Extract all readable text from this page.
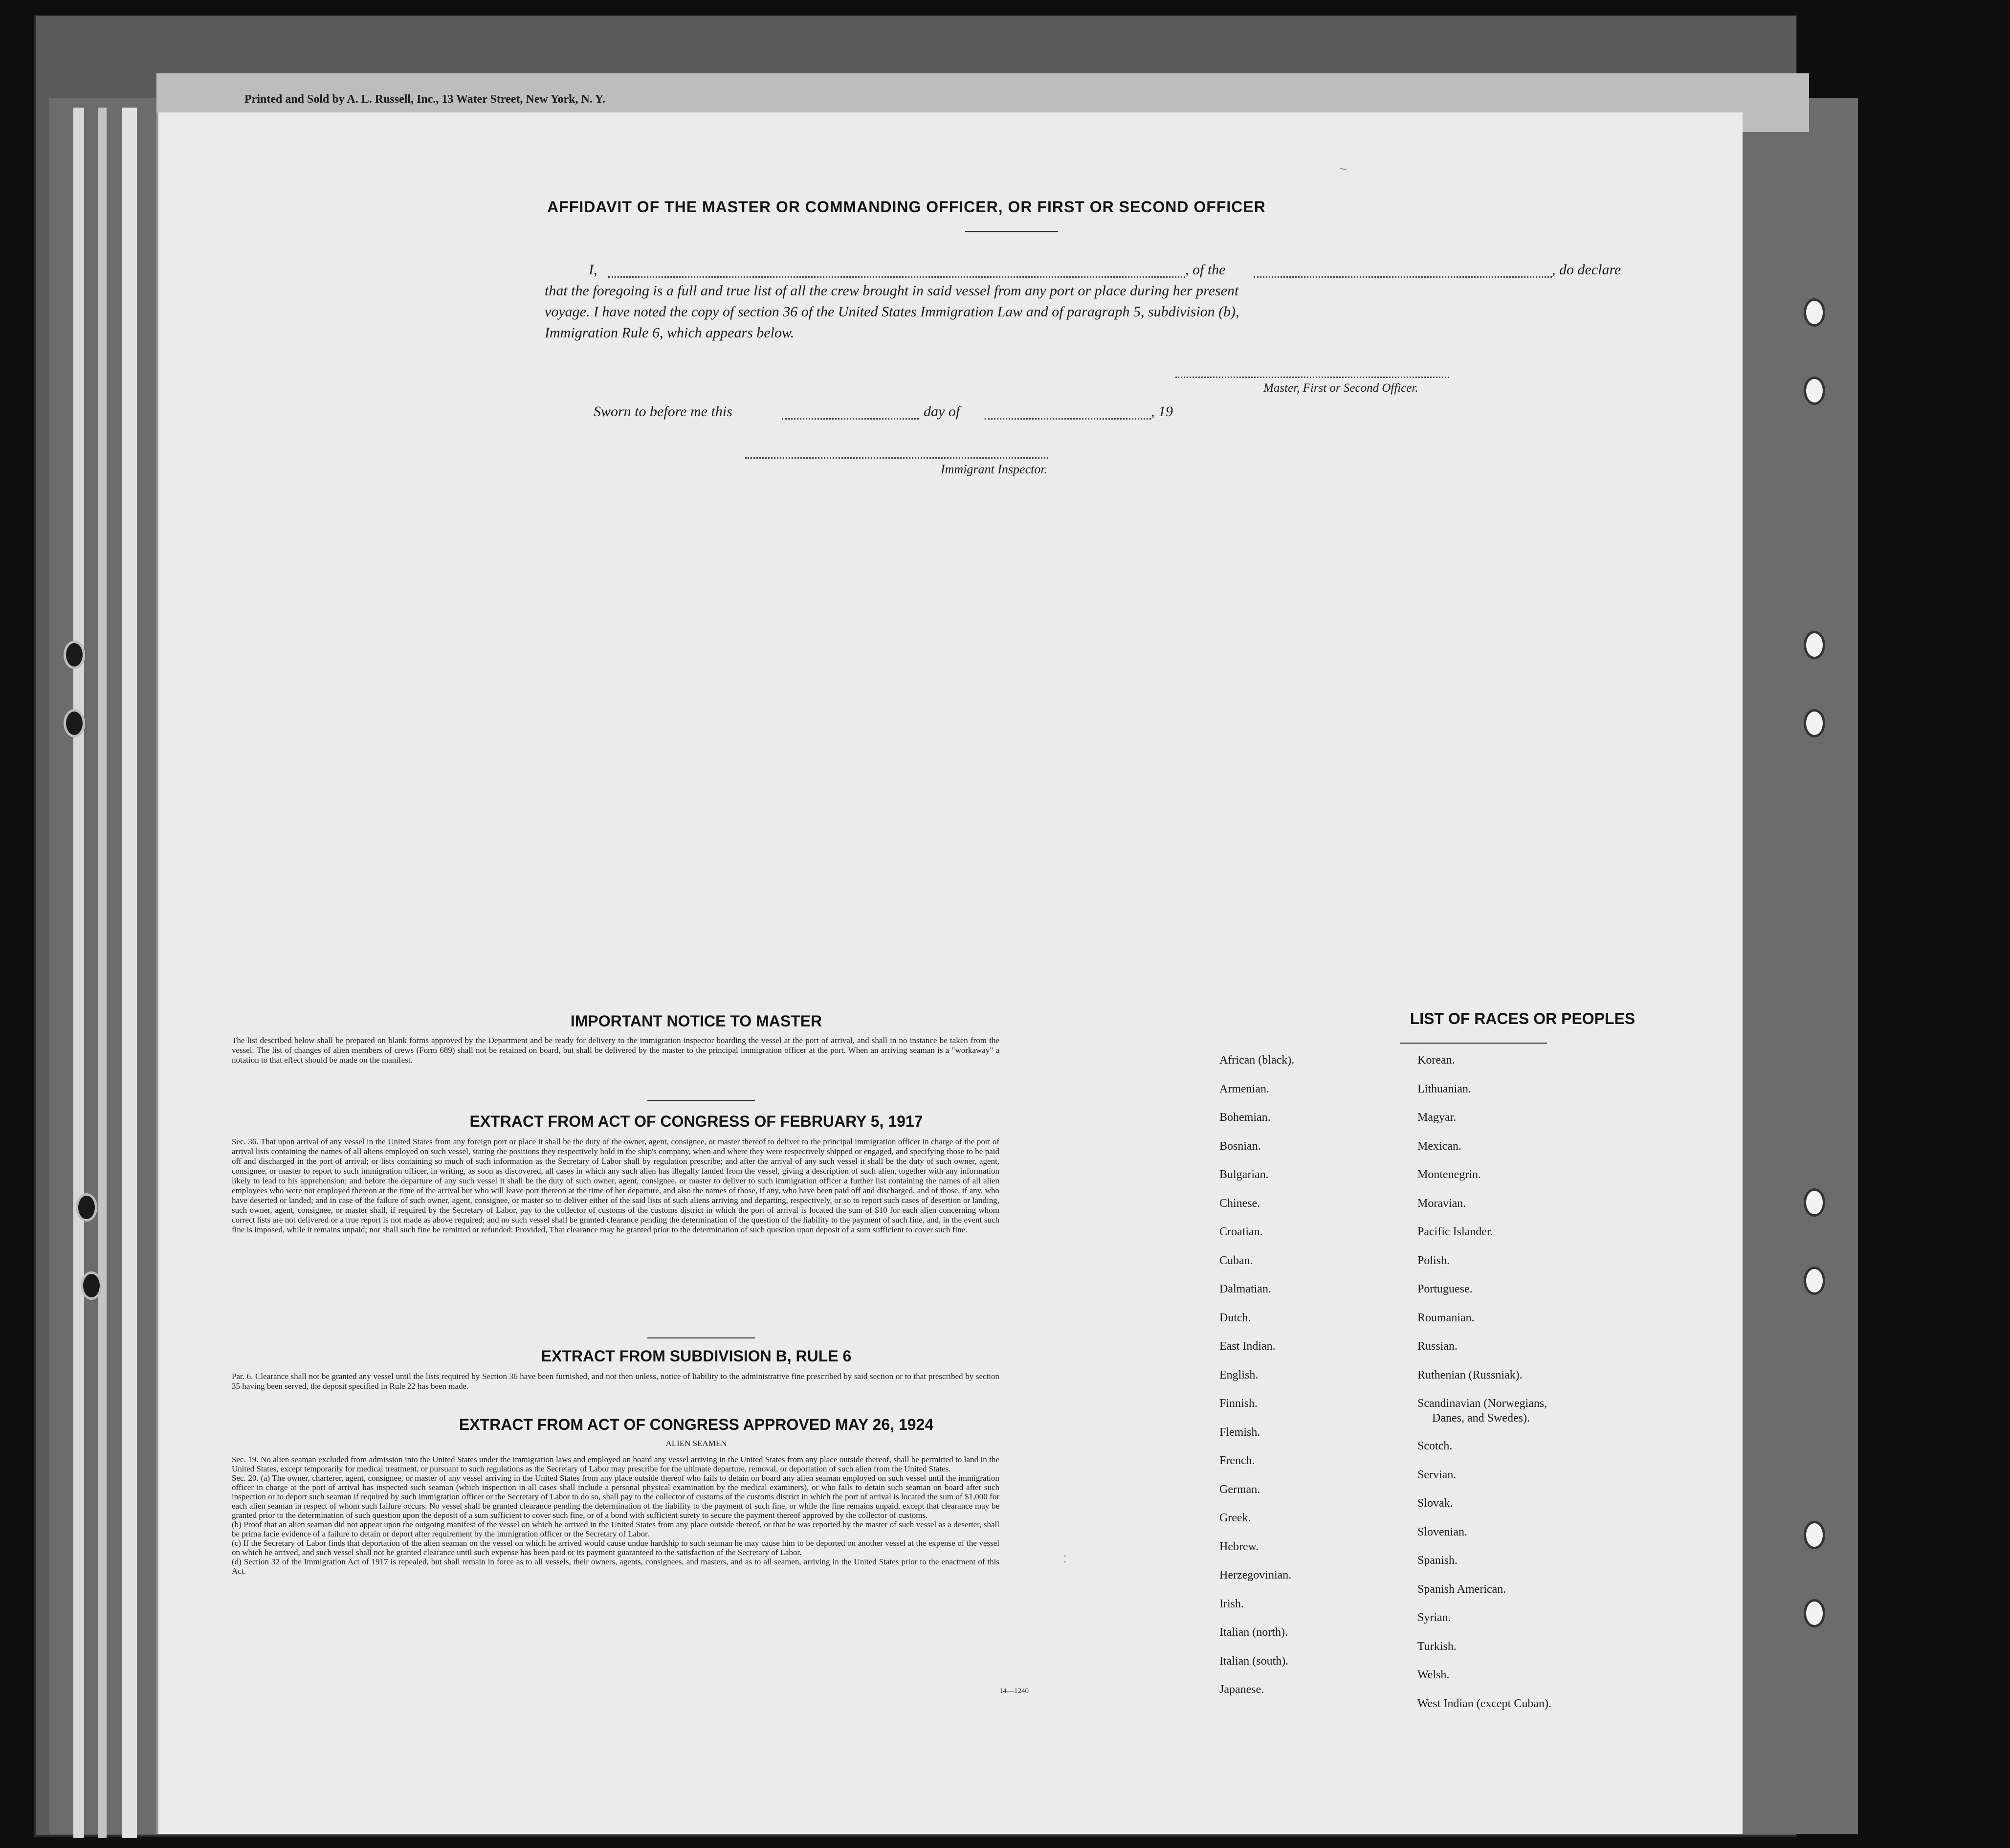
Printed and Sold by A. L. Russell, Inc., 13 Water Street, New York, N. Y.
AFFIDAVIT OF THE MASTER OR COMMANDING OFFICER, OR FIRST OR SECOND OFFICER
I,	, of the	, do declare
that the foregoing is a full and true list of all the crew brought in said vessel from any port or place during her present
voyage. I have noted the copy of section 36 of the United States Immigration Law and of paragraph 5, subdivision (b),
Immigration Rule 6, which appears below.
Master, First or Second Officer.
Sworn to before me this	day of	, 19
Immigrant Inspector.
~
:
IMPORTANT NOTICE TO MASTER
The list described below shall be prepared on blank forms approved by the Department and be ready for delivery to the immigration inspector boarding the vessel at the port of arrival, and shall in no instance be taken from the vessel. The list of changes of alien members of crews (Form 689) shall not be retained on board, but shall be delivered by the master to the principal immigration officer at the port. When an arriving seaman is a "workaway" a notation to that effect should be made on the manifest.
EXTRACT FROM ACT OF CONGRESS OF FEBRUARY 5, 1917
Sec. 36. That upon arrival of any vessel in the United States from any foreign port or place it shall be the duty of the owner, agent, consignee, or master thereof to deliver to the principal immigration officer in charge of the port of arrival lists containing the names of all aliens employed on such vessel, stating the positions they respectively hold in the ship's company, when and where they were respectively shipped or engaged, and specifying those to be paid off and discharged in the port of arrival; or lists containing so much of such information as the Secretary of Labor shall by regulation prescribe; and after the arrival of any such vessel it shall be the duty of such owner, agent, consignee, or master to report to such immigration officer, in writing, as soon as discovered, all cases in which any such alien has illegally landed from the vessel, giving a description of such alien, together with any information likely to lead to his apprehension; and before the departure of any such vessel it shall be the duty of such owner, agent, consignee, or master to deliver to such immigration officer a further list containing the names of all alien employees who were not employed thereon at the time of the arrival but who will leave port thereon at the time of her departure, and also the names of those, if any, who have been paid off and discharged, and of those, if any, who have deserted or landed; and in case of the failure of such owner, agent, consignee, or master so to deliver either of the said lists of such aliens arriving and departing, respectively, or so to report such cases of desertion or landing, such owner, agent, consignee, or master shall, if required by the Secretary of Labor, pay to the collector of customs of the customs district in which the port of arrival is located the sum of $10 for each alien concerning whom correct lists are not delivered or a true report is not made as above required; and no such vessel shall be granted clearance pending the determination of the question of the liability to the payment of such fine, and, in the event such fine is imposed, while it remains unpaid; nor shall such fine be remitted or refunded: Provided, That clearance may be granted prior to the determination of such question upon deposit of a sum sufficient to cover such fine.
EXTRACT FROM SUBDIVISION B, RULE 6
Par. 6. Clearance shall not be granted any vessel until the lists required by Section 36 have been furnished, and not then unless, notice of liability to the administrative fine prescribed by said section or to that prescribed by section 35 having been served, the deposit specified in Rule 22 has been made.
EXTRACT FROM ACT OF CONGRESS APPROVED MAY 26, 1924
ALIEN SEAMEN
Sec. 19. No alien seaman excluded from admission into the United States under the immigration laws and employed on board any vessel arriving in the United States from any place outside thereof, shall be permitted to land in the United States, except temporarily for medical treatment, or pursuant to such regulations as the Secretary of Labor may prescribe for the ultimate departure, removal, or deportation of such alien from the United States.
Sec. 20. (a) The owner, charterer, agent, consignee, or master of any vessel arriving in the United States from any place outside thereof who fails to detain on board any alien seaman employed on such vessel until the immigration officer in charge at the port of arrival has inspected such seaman (which inspection in all cases shall include a personal physical examination by the medical examiners), or who fails to detain such seaman on board after such inspection or to deport such seaman if required by such immigration officer or the Secretary of Labor to do so, shall pay to the collector of customs of the customs district in which the port of arrival is located the sum of $1,000 for each alien seaman in respect of whom such failure occurs. No vessel shall be granted clearance pending the determination of the liability to the payment of such fine, or while the fine remains unpaid, except that clearance may be granted prior to the determination of such question upon the deposit of a sum sufficient to cover such fine, or of a bond with sufficient surety to secure the payment thereof approved by the collector of customs.
(b) Proof that an alien seaman did not appear upon the outgoing manifest of the vessel on which he arrived in the United States from any place outside thereof, or that he was reported by the master of such vessel as a deserter, shall be prima facie evidence of a failure to detain or deport after requirement by the immigration officer or the Secretary of Labor.
(c) If the Secretary of Labor finds that deportation of the alien seaman on the vessel on which he arrived would cause undue hardship to such seaman he may cause him to be deported on another vessel at the expense of the vessel on which he arrived, and such vessel shall not be granted clearance until such expense has been paid or its payment guaranteed to the satisfaction of the Secretary of Labor.
(d) Section 32 of the Immigration Act of 1917 is repealed, but shall remain in force as to all vessels, their owners, agents, consignees, and masters, and as to all seamen, arriving in the United States prior to the enactment of this Act.
14—1240
LIST OF RACES OR PEOPLES
African (black).
Armenian.
Bohemian.
Bosnian.
Bulgarian.
Chinese.
Croatian.
Cuban.
Dalmatian.
Dutch.
East Indian.
English.
Finnish.
Flemish.
French.
German.
Greek.
Hebrew.
Herzegovinian.
Irish.
Italian (north).
Italian (south).
Japanese.
Korean.
Lithuanian.
Magyar.
Mexican.
Montenegrin.
Moravian.
Pacific Islander.
Polish.
Portuguese.
Roumanian.
Russian.
Ruthenian (Russniak).
Scandinavian (Norwegians,
Danes, and Swedes).
Scotch.
Servian.
Slovak.
Slovenian.
Spanish.
Spanish American.
Syrian.
Turkish.
Welsh.
West Indian (except Cuban).
